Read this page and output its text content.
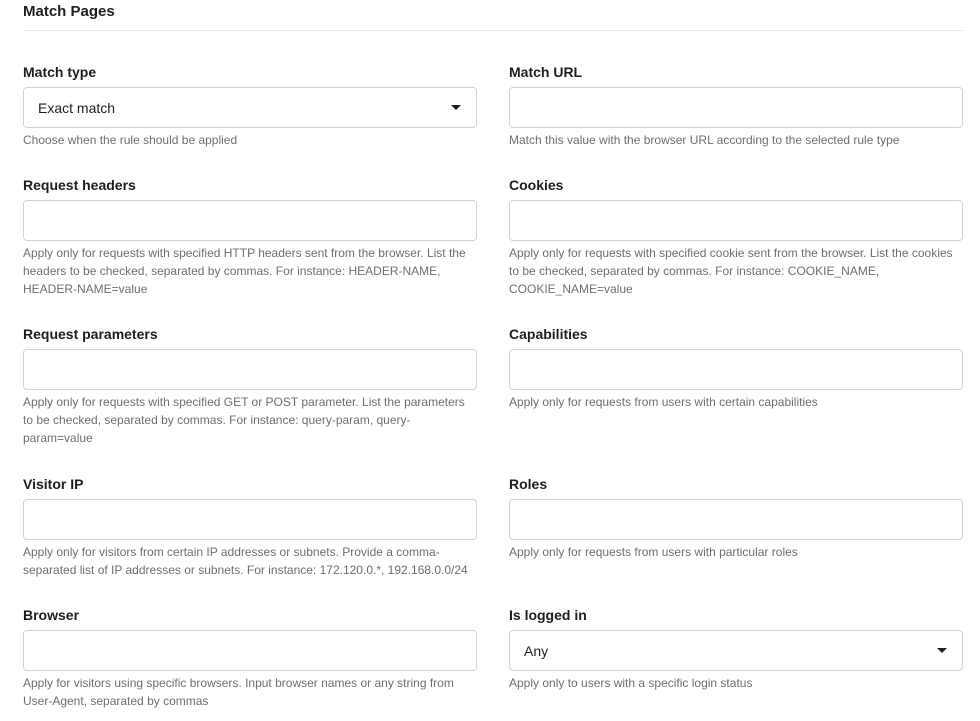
Match Pages
Match type
Exact match
Choose when the rule should be applied
Match URL
Match this value with the browser URL according to the selected rule type
Request headers
Apply only for requests with specified HTTP headers sent from the browser. List the headers to be checked, separated by commas. For instance: HEADER-NAME, HEADER-NAME=value
Cookies
Apply only for requests with specified cookie sent from the browser. List the cookies to be checked, separated by commas. For instance: COOKIE_NAME, COOKIE_NAME=value
Request parameters
Apply only for requests with specified GET or POST parameter. List the parameters to be checked, separated by commas. For instance: query-param, query-param=value
Capabilities
Apply only for requests from users with certain capabilities
Visitor IP
Apply only for visitors from certain IP addresses or subnets. Provide a comma-separated list of IP addresses or subnets. For instance: 172.120.0.*, 192.168.0.0/24
Roles
Apply only for requests from users with particular roles
Browser
Apply for visitors using specific browsers. Input browser names or any string from User-Agent, separated by commas
Is logged in
Any
Apply only to users with a specific login status
